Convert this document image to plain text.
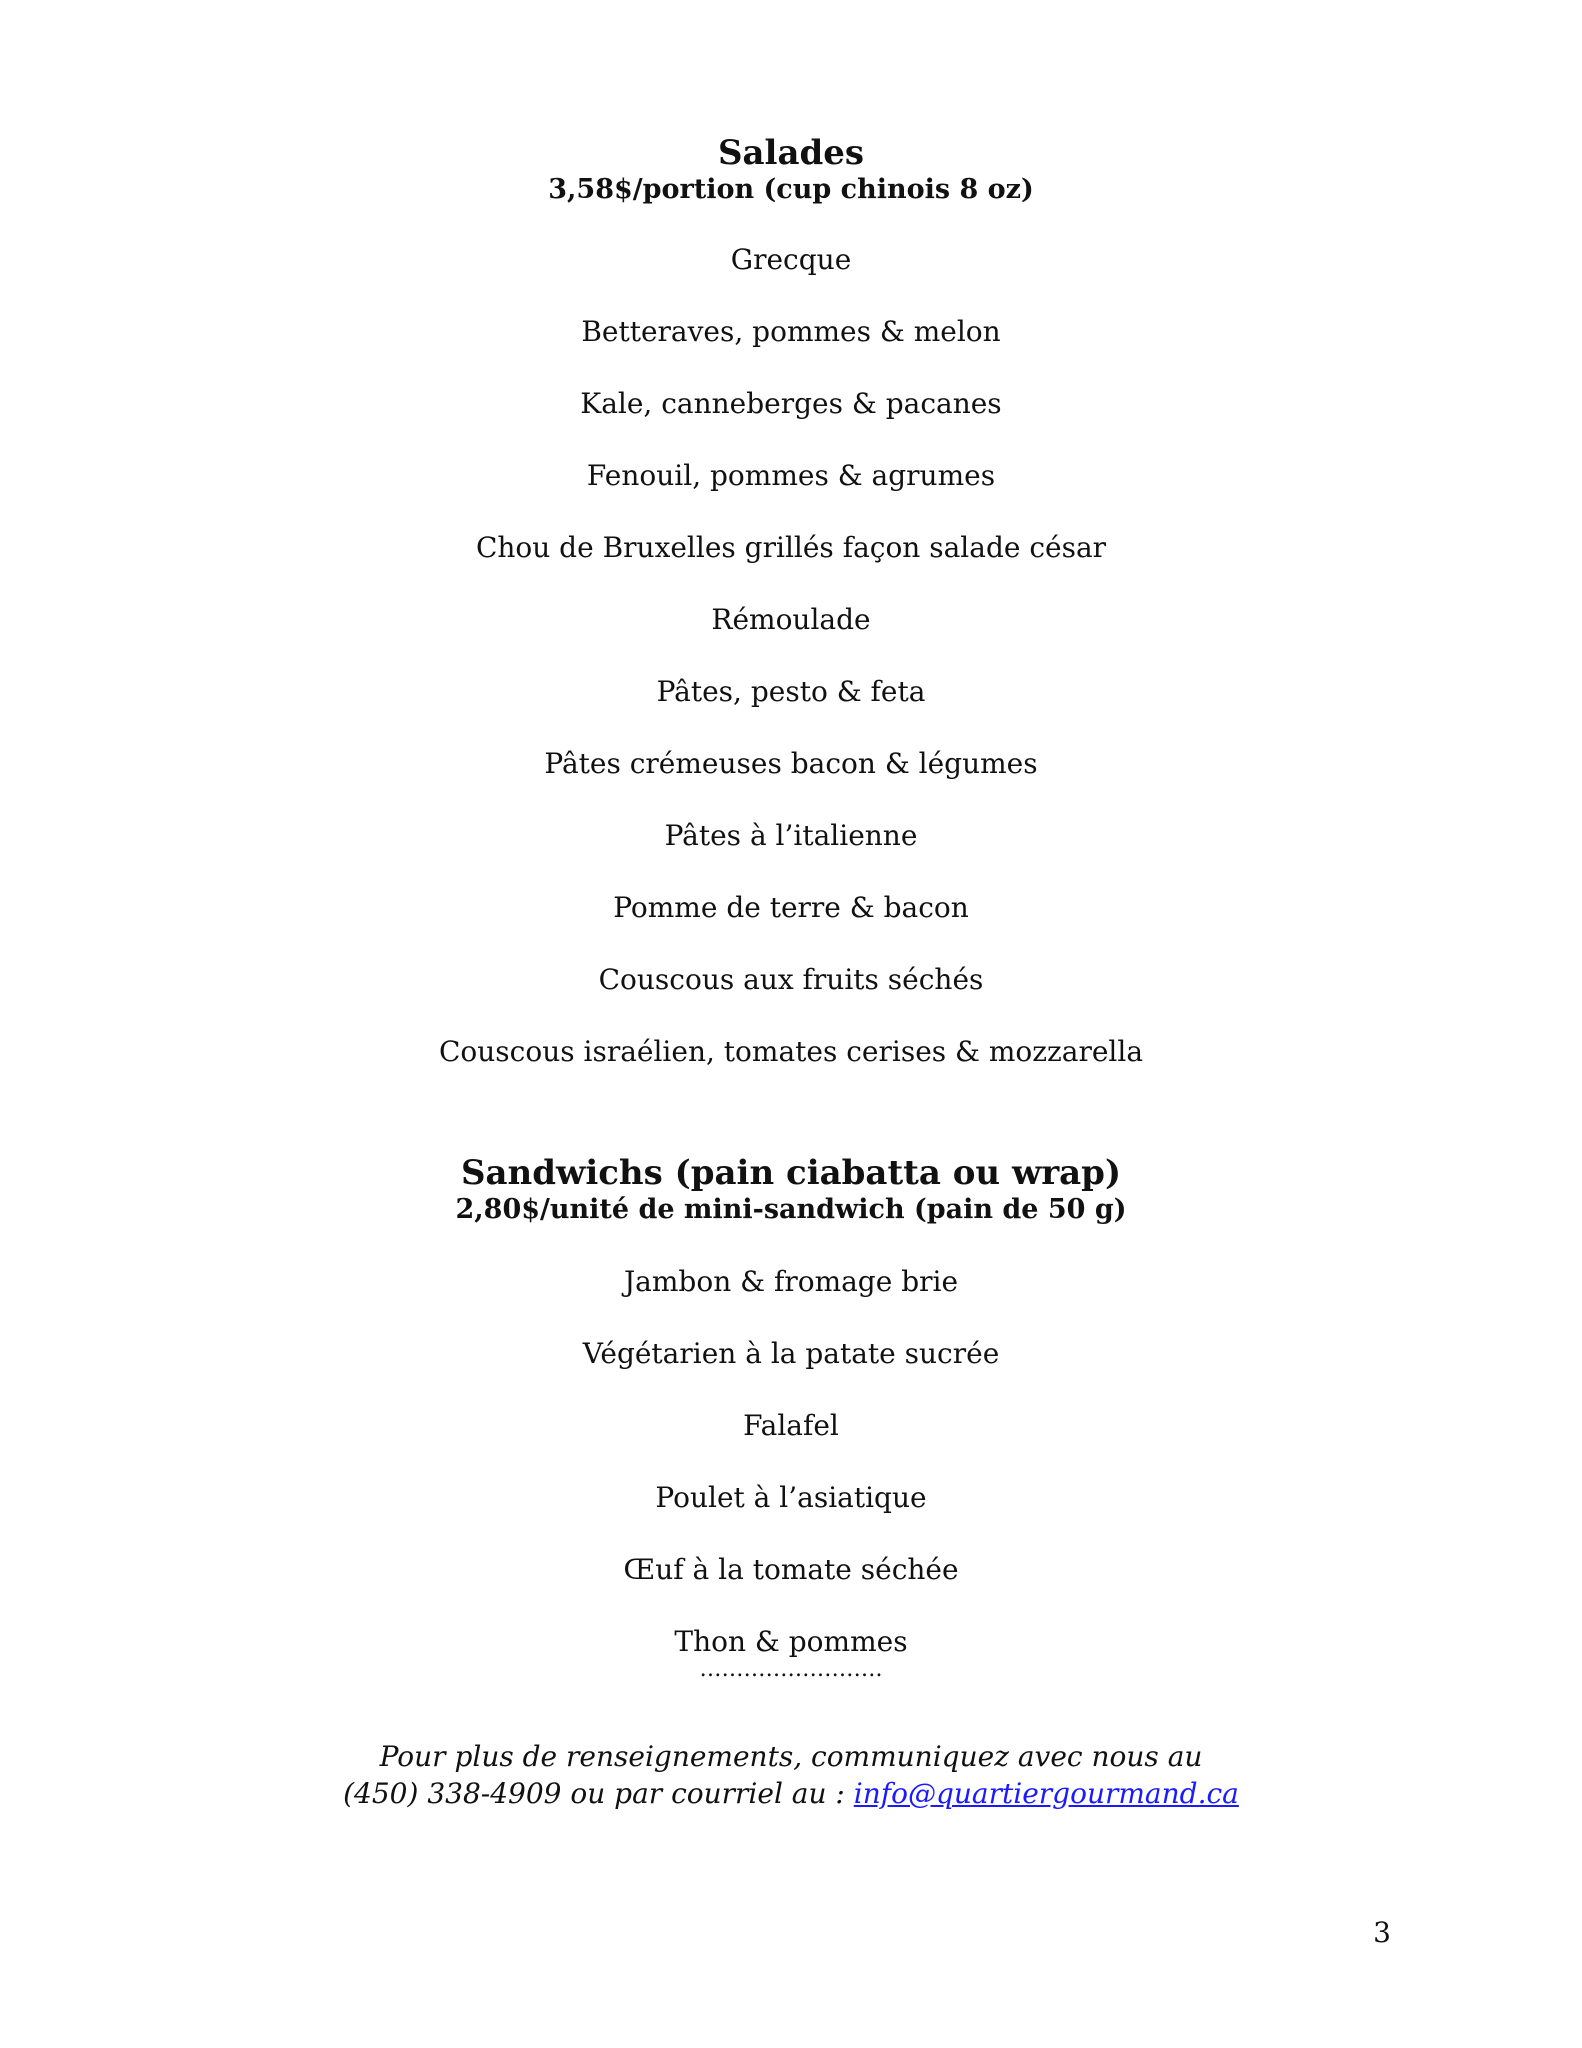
Salades

3,58$/portion (cup chinois 8 oz)

Grecque
Betteraves, pommes & melon
Kale, canneberges & pacanes
Fenouil, pommes & agrumes
Chou de Bruxelles grillés façon salade césar
Rémoulade
Pâtes, pesto & feta
Pâtes crémeuses bacon & légumes
Pâtes à l’italienne
Pomme de terre & bacon
Couscous aux fruits séchés
Couscous israélien, tomates cerises & mozzarella
Sandwichs (pain ciabatta ou wrap)

2,80$/unité de mini-sandwich (pain de 50 g)

Jambon & fromage brie
Végétarien à la patate sucrée
Falafel
Poulet à l’asiatique
Œuf à la tomate séchée
Thon & pommes

…………………….

Pour plus de renseignements, communiquez avec nous au
(450) 338-4909 ou par courriel au : info@quartiergourmand.ca
3
